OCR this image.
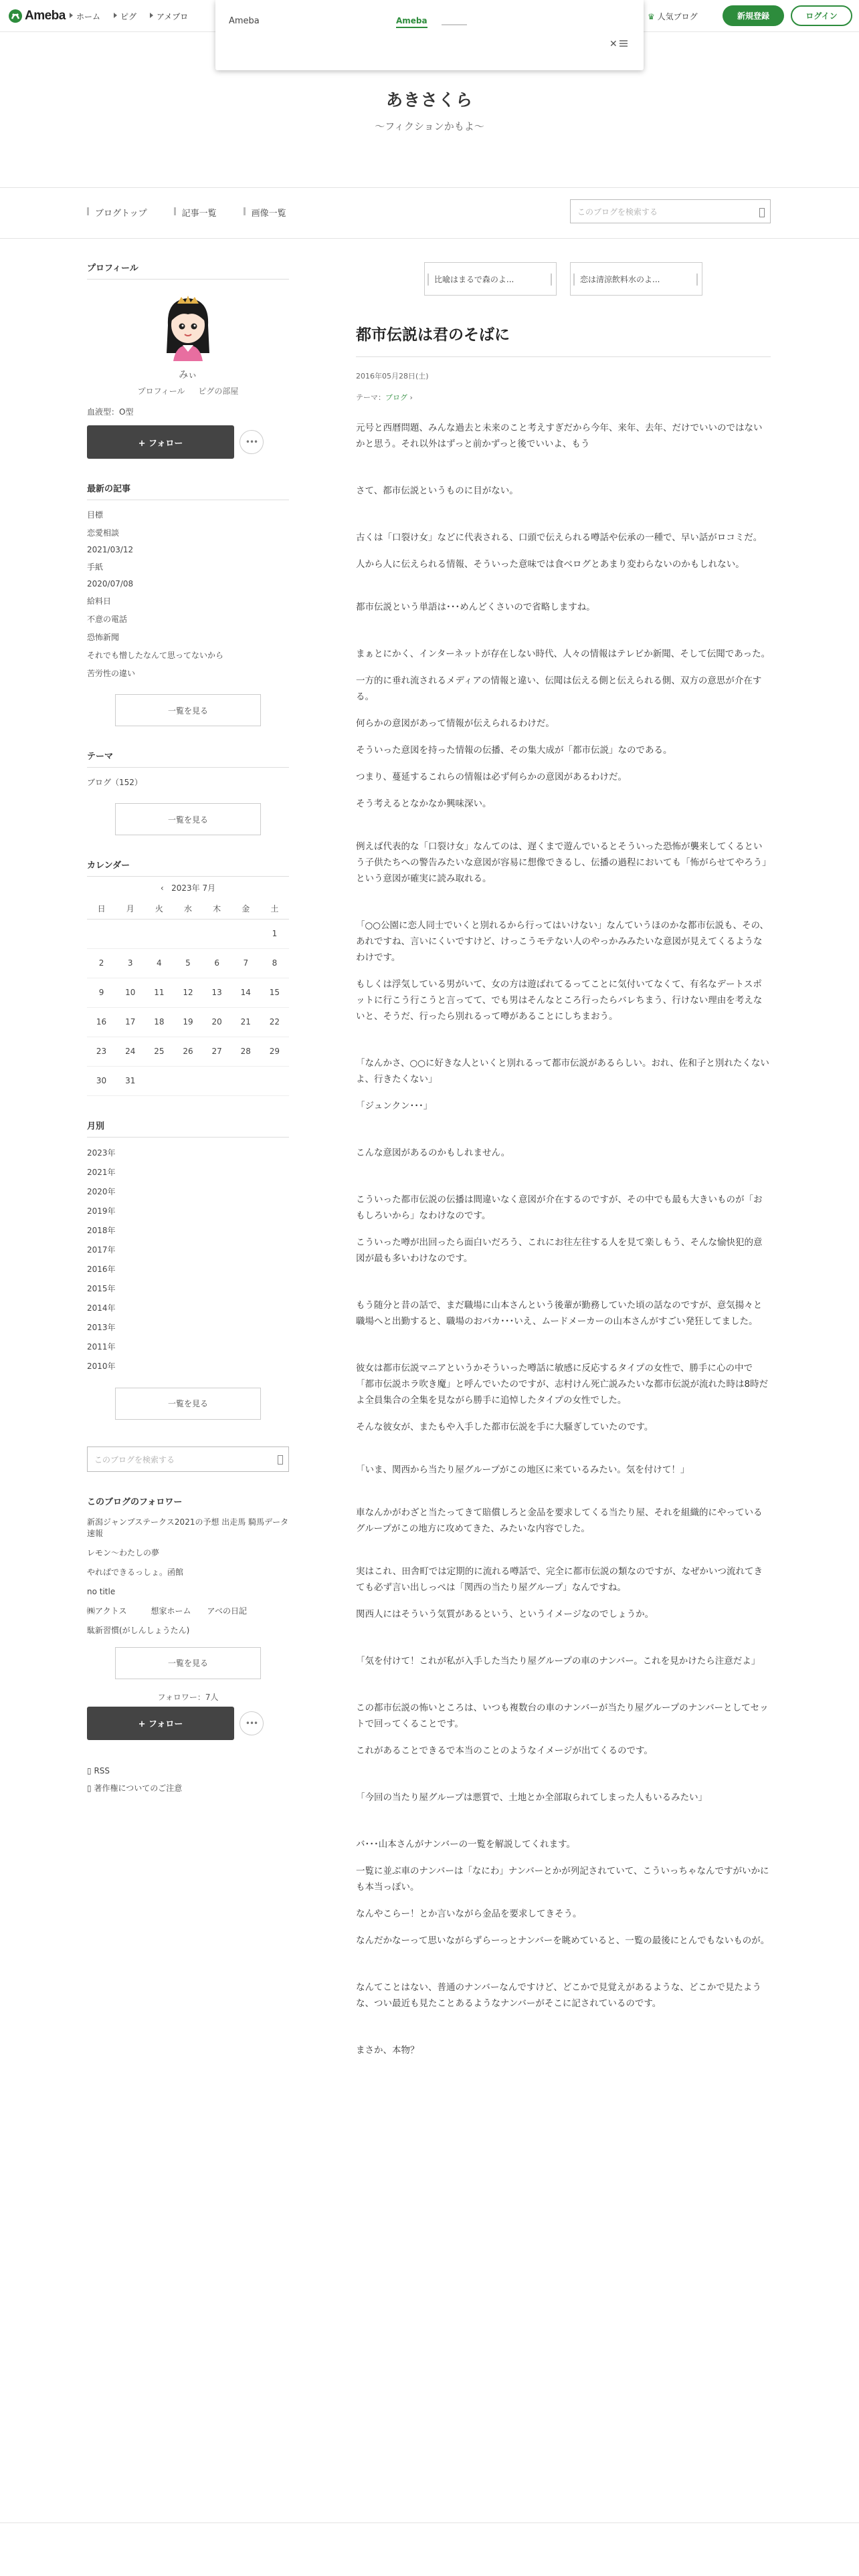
Ameba	ホーム	ピグ	アメブロ	♛ 人気ブログ	新規登録	ログイン
Ameba	Ameba
✕
あきさくら
〜フィクションかもよ〜
ブログトップ	記事一覧	画像一覧	このブログを検索する
プロフィール
みぃ
プロフィール ピグの部屋
血液型：O型
+ フォロー	•••
最新の記事
目標
恋愛相談
2021/03/12
手紙
2020/07/08
給料日
不意の電話
恐怖新聞
それでも憎したなんて思ってないから
苦労性の違い
一覧を見る
テーマ
ブログ（152）
一覧を見る
カレンダー
‹   2023年 7月
日	月	火	水	木	金	土
						1
2	3	4	5	6	7	8
9	10	11	12	13	14	15
16	17	18	19	20	21	22
23	24	25	26	27	28	29
30	31					
月別
2023年
2021年
2020年
2019年
2018年
2017年
2016年
2015年
2014年
2013年
2011年
2010年
一覧を見る
このブログを検索する
このブログのフォロワー
新潟ジャンプステークス2021の予想 出走馬 騎馬データ速報
レモン〜わたしの夢
やればできるっしょ。函館
no title
㈱アクトス　　　想家ホーム　　アベの日記
駄新習慣(がしんしょうたん)
一覧を見る
フォロワー：7人
+ フォロー	•••
▯ RSS
▯ 著作権についてのご注意
比喩はまるで森のよ...	恋は清涼飲料水のよ...
都市伝説は君のそばに
2016年05月28日(土)
テーマ：ブログ ›

元号と西暦問題、みんな過去と未来のこと考えすぎだから今年、来年、去年、だけでいいのではないかと思う。それ以外はずっと前かずっと後でいいよ、もう

さて、都市伝説というものに目がない。

古くは「口裂け女」などに代表される、口頭で伝えられる噂話や伝承の一種で、早い話がロコミだ。

人から人に伝えられる情報、そういった意味では食べログとあまり変わらないのかもしれない。

都市伝説という単語は･･･めんどくさいので省略しますね。

まぁとにかく、インターネットが存在しない時代、人々の情報はテレビか新聞、そして伝聞であった。

一方的に垂れ流されるメディアの情報と違い、伝聞は伝える側と伝えられる側、双方の意思が介在する。

何らかの意図があって情報が伝えられるわけだ。

そういった意図を持った情報の伝播、その集大成が「都市伝説」なのである。

つまり、蔓延するこれらの情報は必ず何らかの意図があるわけだ。

そう考えるとなかなか興味深い。

例えば代表的な「口裂け女」なんてのは、遅くまで遊んでいるとそういった恐怖が襲来してくるという子供たちへの警告みたいな意図が容易に想像できるし、伝播の過程においても「怖がらせてやろう」という意図が確実に読み取れる。

「○○公園に恋人同士でいくと別れるから行ってはいけない」なんていうほのかな都市伝説も、その、あれですね、言いにくいですけど、けっこうモテない人のやっかみみたいな意図が見えてくるようなわけです。

もしくは浮気している男がいて、女の方は遊ばれてるってことに気付いてなくて、有名なデートスポットに行こう行こうと言ってて、でも男はそんなところ行ったらバレちまう、行けない理由を考えないと、そうだ、行ったら別れるって噂があることにしちまおう。

「なんかさ、○○に好きな人といくと別れるって都市伝説があるらしい。おれ、佐和子と別れたくないよ、行きたくない」

「ジュンクン･･･」

こんな意図があるのかもしれません。

こういった都市伝説の伝播は間違いなく意図が介在するのですが、その中でも最も大きいものが「おもしろいから」なわけなのです。

こういった噂が出回ったら面白いだろう、これにお往左往する人を見て楽しもう、そんな愉快犯的意図が最も多いわけなのです。

もう随分と昔の話で、まだ職場に山本さんという後輩が勤務していた頃の話なのですが、意気揚々と職場へと出勤すると、職場のおバカ･･･いえ、ムードメーカーの山本さんがすごい発狂してました。

彼女は都市伝説マニアというかそういった噂話に敏感に反応するタイプの女性で、勝手に心の中で「都市伝説ホラ吹き魔」と呼んでいたのですが、志村けん死亡説みたいな都市伝説が流れた時は8時だよ全員集合の全集を見ながら勝手に追悼したタイプの女性でした。

そんな彼女が、またもや入手した都市伝説を手に大騒ぎしていたのです。

「いま、関西から当たり屋グループがこの地区に来ているみたい。気を付けて！」

車なんかがわざと当たってきて賠償しろと金品を要求してくる当たり屋、それを組織的にやっているグループがこの地方に攻めてきた、みたいな内容でした。

実はこれ、田舎町では定期的に流れる噂話で、完全に都市伝説の類なのですが、なぜかいつ流れてきても必ず言い出しっぺは「関西の当たり屋グループ」なんですね。

関西人にはそういう気質があるという、というイメージなのでしょうか。

「気を付けて！これが私が入手した当たり屋グループの車のナンバー。これを見かけたら注意だよ」

この都市伝説の怖いところは、いつも複数台の車のナンバーが当たり屋グループのナンバーとしてセットで回ってくることです。

これがあることできるで本当のことのようなイメージが出てくるのです。

「今回の当たり屋グループは悪質で、土地とか全部取られてしまった人もいるみたい」

バ･･･山本さんがナンバーの一覧を解説してくれます。

一覧に並ぶ車のナンバーは「なにわ」ナンバーとかが列記されていて、こういっちゃなんですがいかにも本当っぽい。

なんやこらー！とか言いながら金品を要求してきそう。

なんだかなーって思いながらずらーっとナンバーを眺めていると、一覧の最後にとんでもないものが。

なんてことはない、普通のナンバーなんですけど、どこかで見覚えがあるような、どこかで見たような、つい最近も見たことあるようなナンバーがそこに記されているのです。

まさか、本物？
